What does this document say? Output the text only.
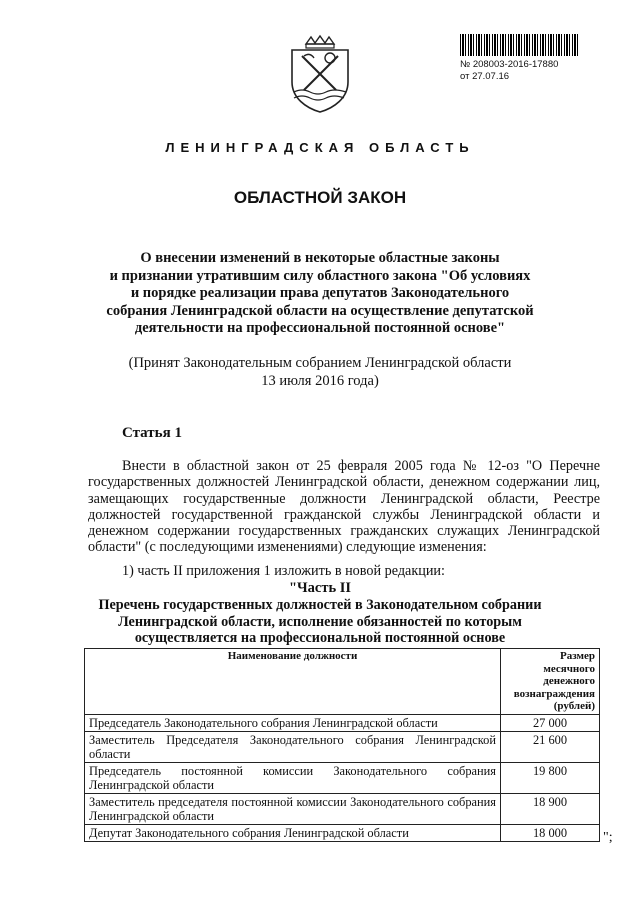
№ 208003-2016-17880
от 27.07.16
ЛЕНИНГРАДСКАЯ ОБЛАСТЬ
ОБЛАСТНОЙ ЗАКОН
О внесении изменений в некоторые областные законы
и признании утратившим силу областного закона "Об условиях
и порядке реализации права депутатов Законодательного
собрания Ленинградской области на осуществление депутатской
деятельности на профессиональной постоянной основе"
(Принят Законодательным собранием Ленинградской области
13 июля 2016 года)
Статья 1
Внести в областной закон от 25 февраля 2005 года № 12-оз "О Перечне государственных должностей Ленинградской области, денежном содержании лиц, замещающих государственные должности Ленинградской области, Реестре должностей государственной гражданской службы Ленинградской области и денежном содержании государственных гражданских служащих Ленинградской области" (с последующими изменениями) следующие изменения:
1) часть II приложения 1 изложить в новой редакции:
"Часть II
Перечень государственных должностей в Законодательном собрании
Ленинградской области, исполнение обязанностей по которым
осуществляется на профессиональной постоянной основе
Наименование должности	Размер
месячного
денежного
вознаграждения
(рублей)

Председатель Законодательного собрания Ленинградской области	27 000
Заместитель Председателя Законодательного собрания Ленинградской области	21 600
Председатель постоянной комиссии Законодательного собрания Ленинградской области	19 800
Заместитель председателя постоянной комиссии Законодательного собрания Ленинградской области	18 900
Депутат Законодательного собрания Ленинградской области	18 000	";
